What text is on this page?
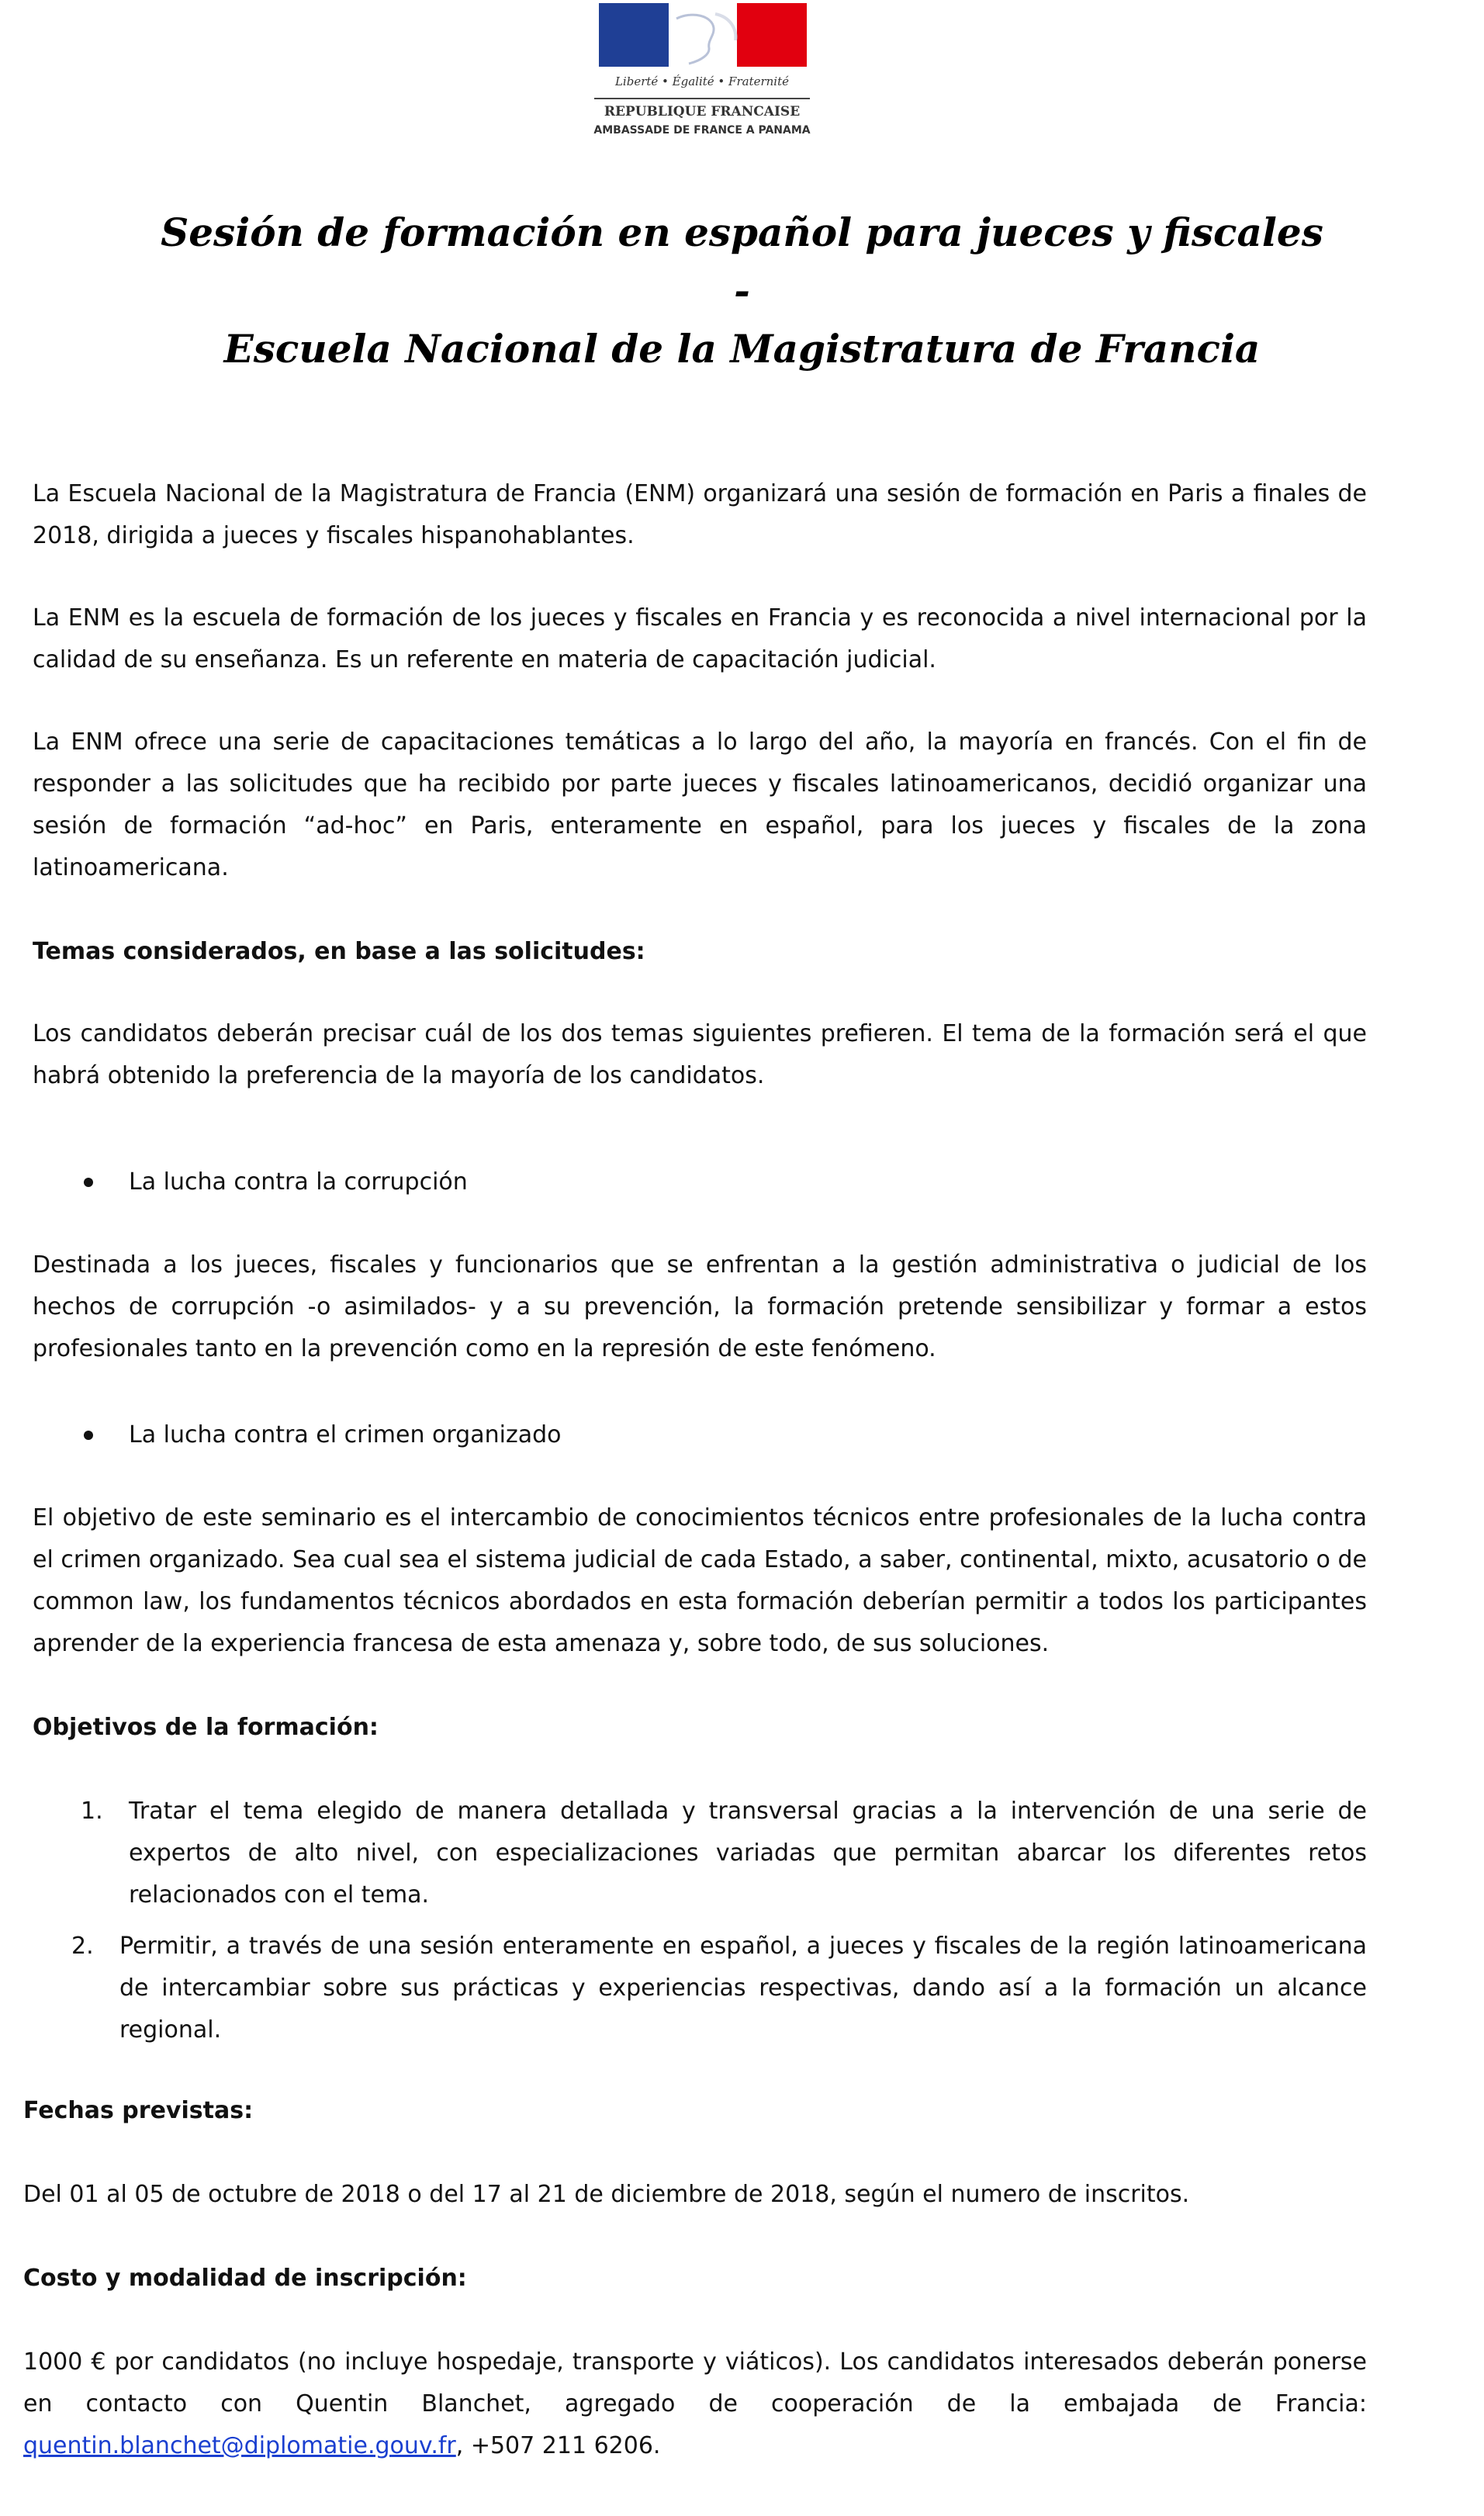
Liberté • Égalité • Fraternité
REPUBLIQUE FRANCAISE
AMBASSADE DE FRANCE A PANAMA
Sesión de formación en español para jueces y fiscales
-
Escuela Nacional de la Magistratura de Francia
La Escuela Nacional de la Magistratura de Francia (ENM) organizará una sesión de formación en Paris a finales de 2018, dirigida a jueces y fiscales hispanohablantes.
La ENM es la escuela de formación de los jueces y fiscales en Francia y es reconocida a nivel internacional por la calidad de su enseñanza. Es un referente en materia de capacitación judicial.
La ENM ofrece una serie de capacitaciones temáticas a lo largo del año, la mayoría en francés. Con el fin de responder a las solicitudes que ha recibido por parte jueces y fiscales latinoamericanos, decidió organizar una sesión de formación “ad-hoc” en Paris, enteramente en español, para los jueces y fiscales de la zona latinoamericana.
Temas considerados, en base a las solicitudes:
Los candidatos deberán precisar cuál de los dos temas siguientes prefieren. El tema de la formación será el que habrá obtenido la preferencia de la mayoría de los candidatos.
La lucha contra la corrupción
Destinada a los jueces, fiscales y funcionarios que se enfrentan a la gestión administrativa o judicial de los hechos de corrupción -o asimilados- y a su prevención, la formación pretende sensibilizar y formar a estos profesionales tanto en la prevención como en la represión de este fenómeno.
La lucha contra el crimen organizado
El objetivo de este seminario es el intercambio de conocimientos técnicos entre profesionales de la lucha contra el crimen organizado. Sea cual sea el sistema judicial de cada Estado, a saber, continental, mixto, acusatorio o de common law, los fundamentos técnicos abordados en esta formación deberían permitir a todos los participantes aprender de la experiencia francesa de esta amenaza y, sobre todo, de sus soluciones.
Objetivos de la formación:
1. Tratar el tema elegido de manera detallada y transversal gracias a la intervención de una serie de expertos de alto nivel, con especializaciones variadas que permitan abarcar los diferentes retos relacionados con el tema.
2. Permitir, a través de una sesión enteramente en español, a jueces y fiscales de la región latinoamericana de intercambiar sobre sus prácticas y experiencias respectivas, dando así a la formación un alcance regional.
Fechas previstas:
Del 01 al 05 de octubre de 2018 o del 17 al 21 de diciembre de 2018, según el numero de inscritos.
Costo y modalidad de inscripción:
1000 € por candidatos (no incluye hospedaje, transporte y viáticos). Los candidatos interesados deberán ponerse en contacto con Quentin Blanchet, agregado de cooperación de la embajada de Francia: quentin.blanchet@diplomatie.gouv.fr, +507 211 6206.
